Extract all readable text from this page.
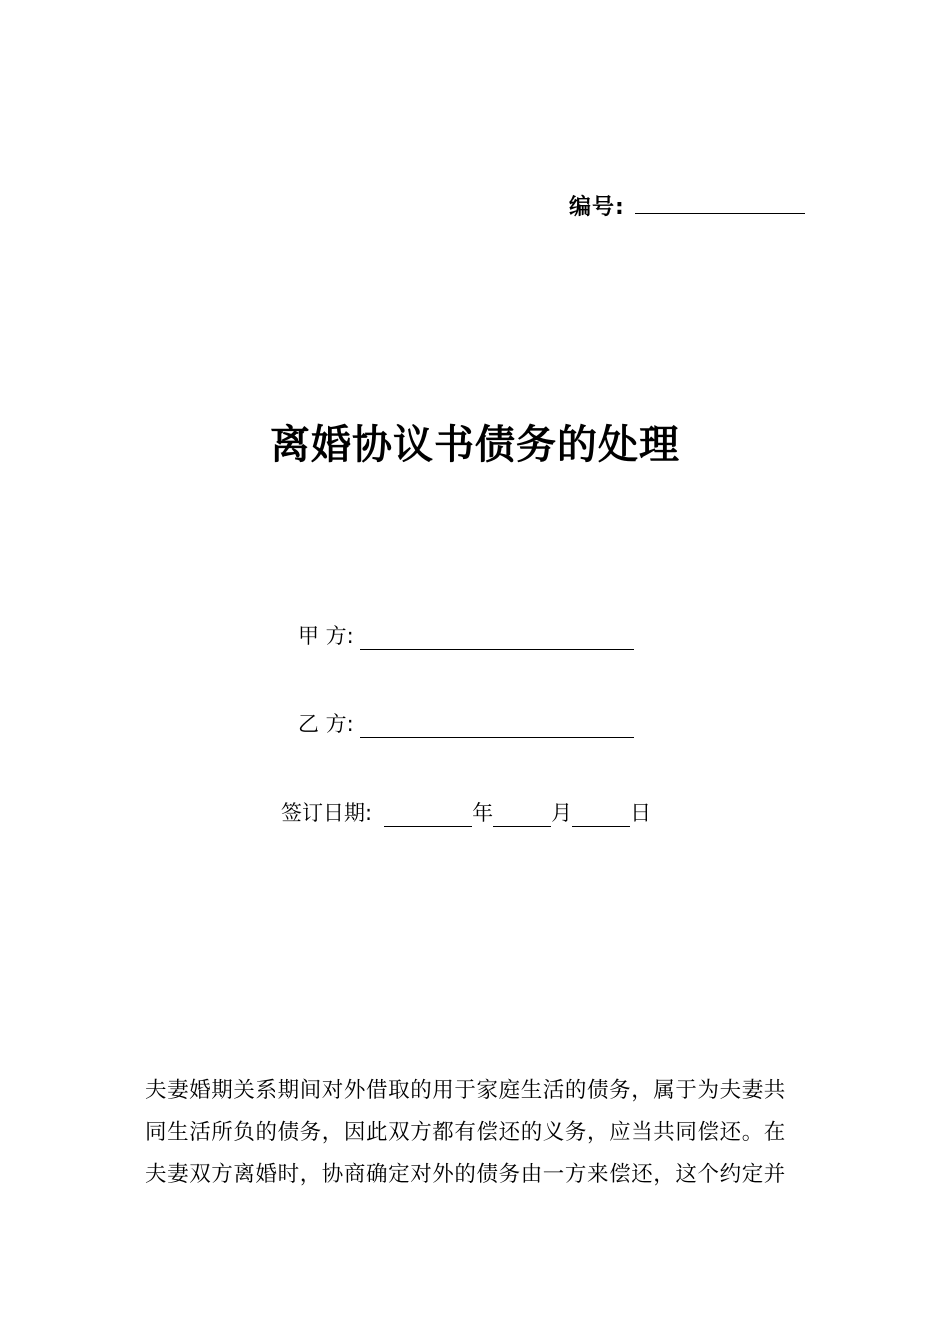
编号:
离婚协议书债务的处理
甲 方:
乙 方:
签订日期:	年	月	日
夫妻婚期关系期间对外借取的用于家庭生活的债务，属于为夫妻共
同生活所负的债务，因此双方都有偿还的义务，应当共同偿还。在
夫妻双方离婚时，协商确定对外的债务由一方来偿还，这个约定并
